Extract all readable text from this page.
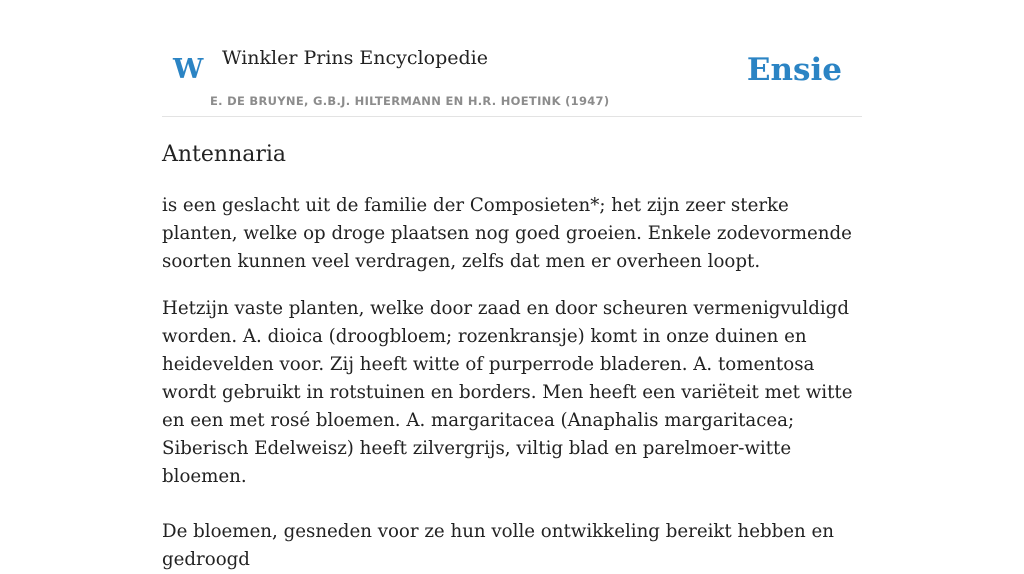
W Winkler Prins Encyclopedie
E. DE BRUYNE, G.B.J. HILTERMANN EN H.R. HOETINK (1947)
Ensie
Antennaria

is een geslacht uit de familie der Composieten*; het zijn zeer sterke planten, welke op droge plaatsen nog goed groeien. Enkele zodevormende soorten kunnen veel verdragen, zelfs dat men er overheen loopt.

Hetzijn vaste planten, welke door zaad en door scheuren vermenigvuldigd worden. A. dioica (droogbloem; rozenkransje) komt in onze duinen en heidevelden voor. Zij heeft witte of purperrode bladeren. A. tomentosa wordt gebruikt in rotstuinen en borders. Men heeft een variëteit met witte en een met rosé bloemen. A. margaritacea (Anaphalis margaritacea; Siberisch Edelweisz) heeft zilvergrijs, viltig blad en parelmoer-witte bloemen.

De bloemen, gesneden voor ze hun volle ontwikkeling bereikt hebben en gedroogd
